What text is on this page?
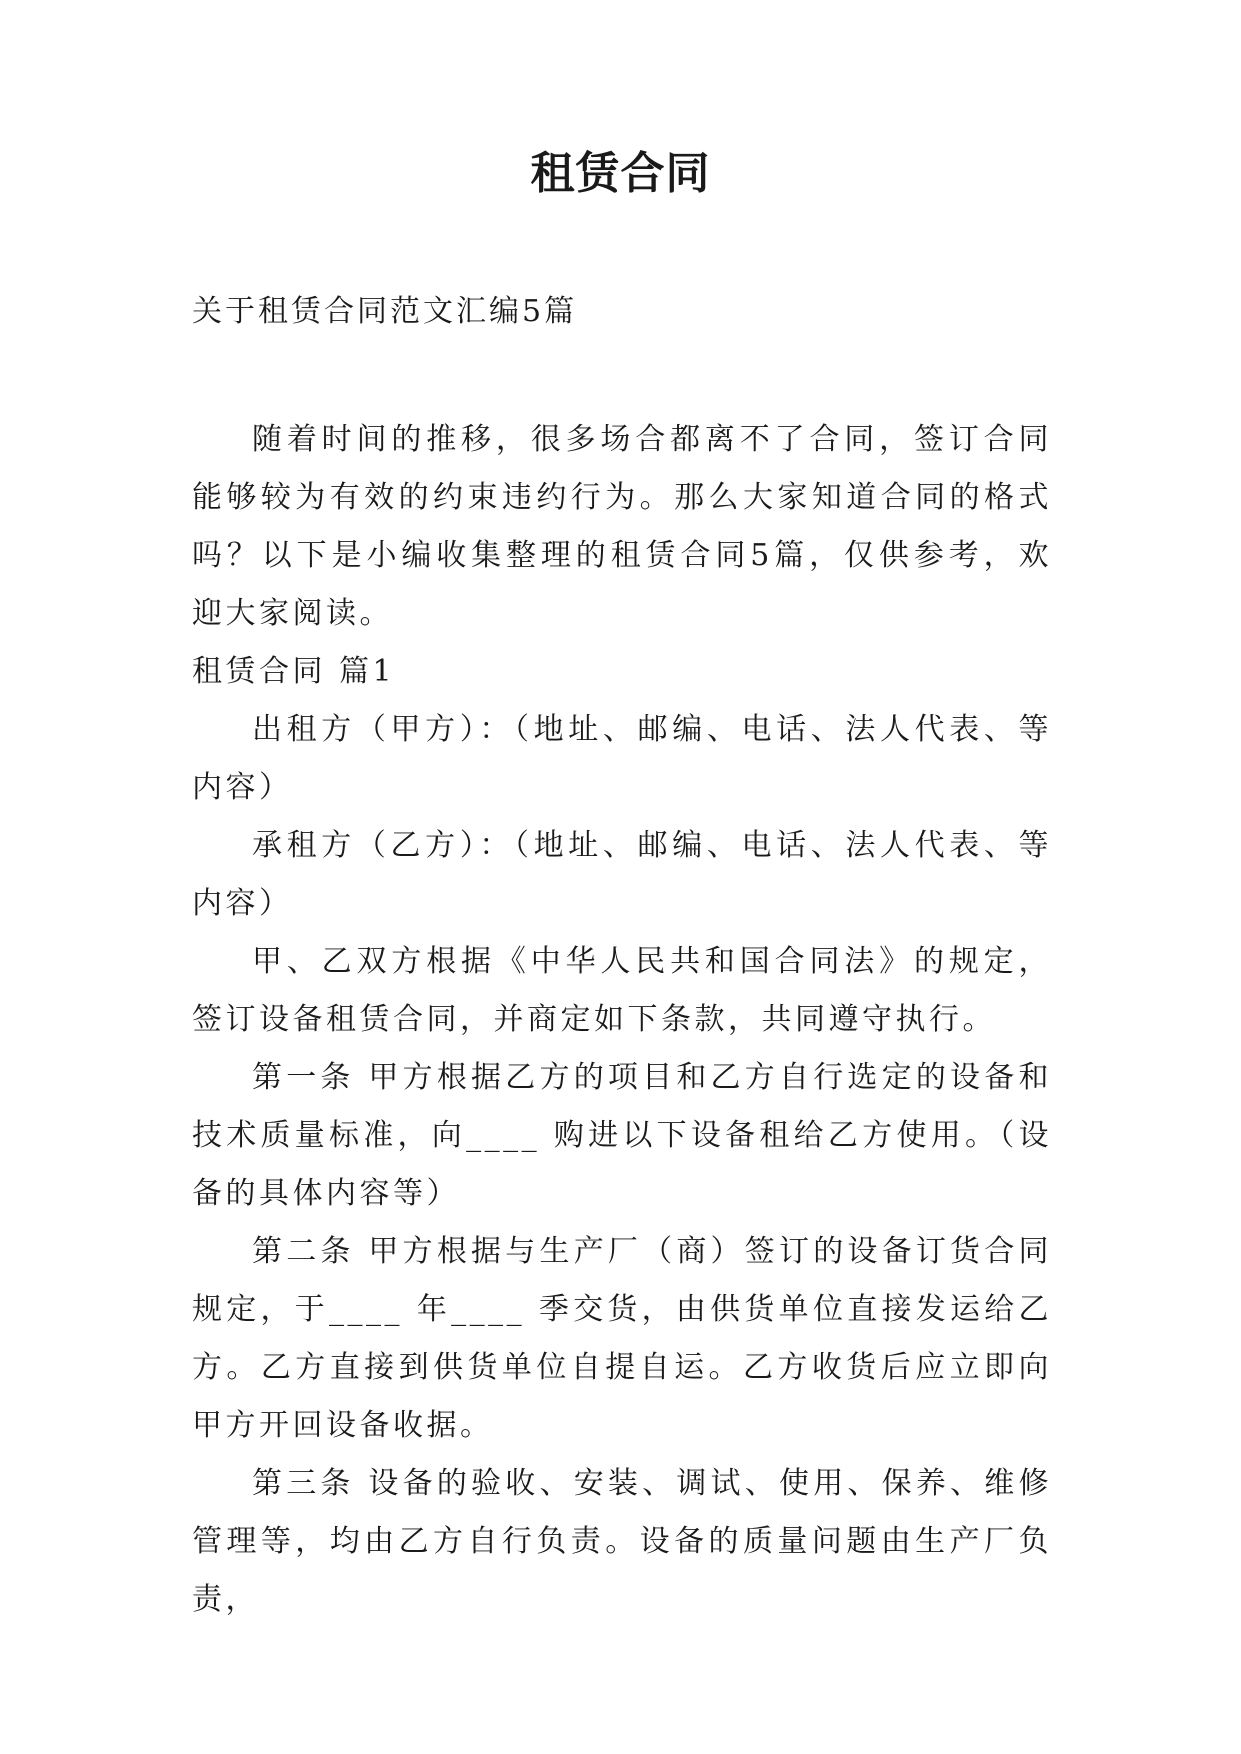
租赁合同
关于租赁合同范文汇编5篇

随着时间的推移，很多场合都离不了合同，签订合同能够较为有效的约束违约行为。那么大家知道合同的格式吗？以下是小编收集整理的租赁合同5篇，仅供参考，欢迎大家阅读。

租赁合同 篇1

出租方（甲方）：（地址、邮编、电话、法人代表、等内容）

承租方（乙方）：（地址、邮编、电话、法人代表、等内容）

甲、乙双方根据《中华人民共和国合同法》的规定，签订设备租赁合同，并商定如下条款，共同遵守执行。

第一条 甲方根据乙方的项目和乙方自行选定的设备和技术质量标准，向____ 购进以下设备租给乙方使用。（设备的具体内容等）

第二条 甲方根据与生产厂（商）签订的设备订货合同规定，于____ 年____ 季交货，由供货单位直接发运给乙方。乙方直接到供货单位自提自运。乙方收货后应立即向甲方开回设备收据。

第三条 设备的验收、安装、调试、使用、保养、维修管理等，均由乙方自行负责。设备的质量问题由生产厂负责，
